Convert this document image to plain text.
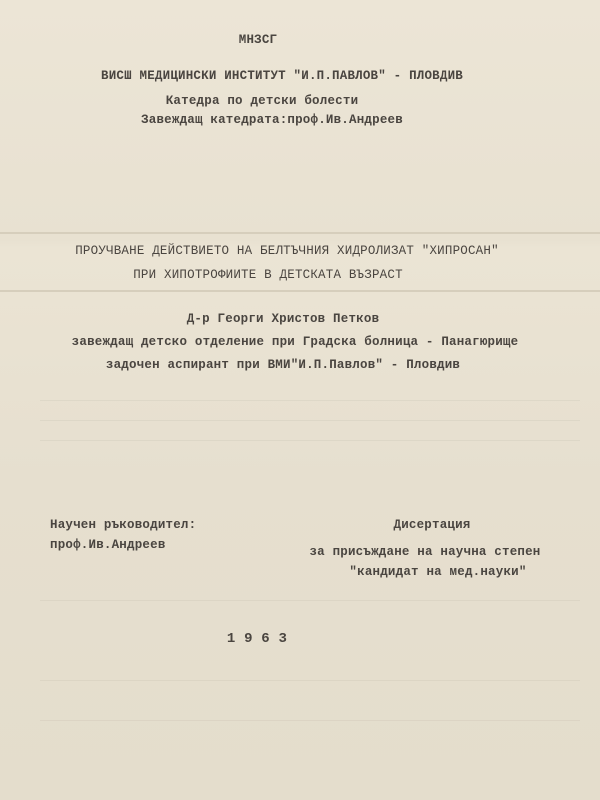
МНЗСГ
ВИСШ МЕДИЦИНСКИ ИНСТИТУТ "И.П.ПАВЛОВ" - ПЛОВДИВ
Катедра по детски болести
Завеждащ катедрата:проф.Ив.Андреев
ПРОУЧВАНЕ ДЕЙСТВИЕТО НА БЕЛТЪЧНИЯ ХИДРОЛИЗАТ "ХИПРОСАН"
ПРИ ХИПОТРОФИИТЕ В ДЕТСКАТА ВЪЗРАСТ
Д-р Георги Христов Петков
завеждащ детско отделение при Градска болница - Панагюрище
задочен аспирант при ВМИ"И.П.Павлов" - Пловдив
Научен ръководител:
проф.Ив.Андреев
Дисертация
за присъждане на научна степен
"кандидат на мед.науки"
1 9 6 3
